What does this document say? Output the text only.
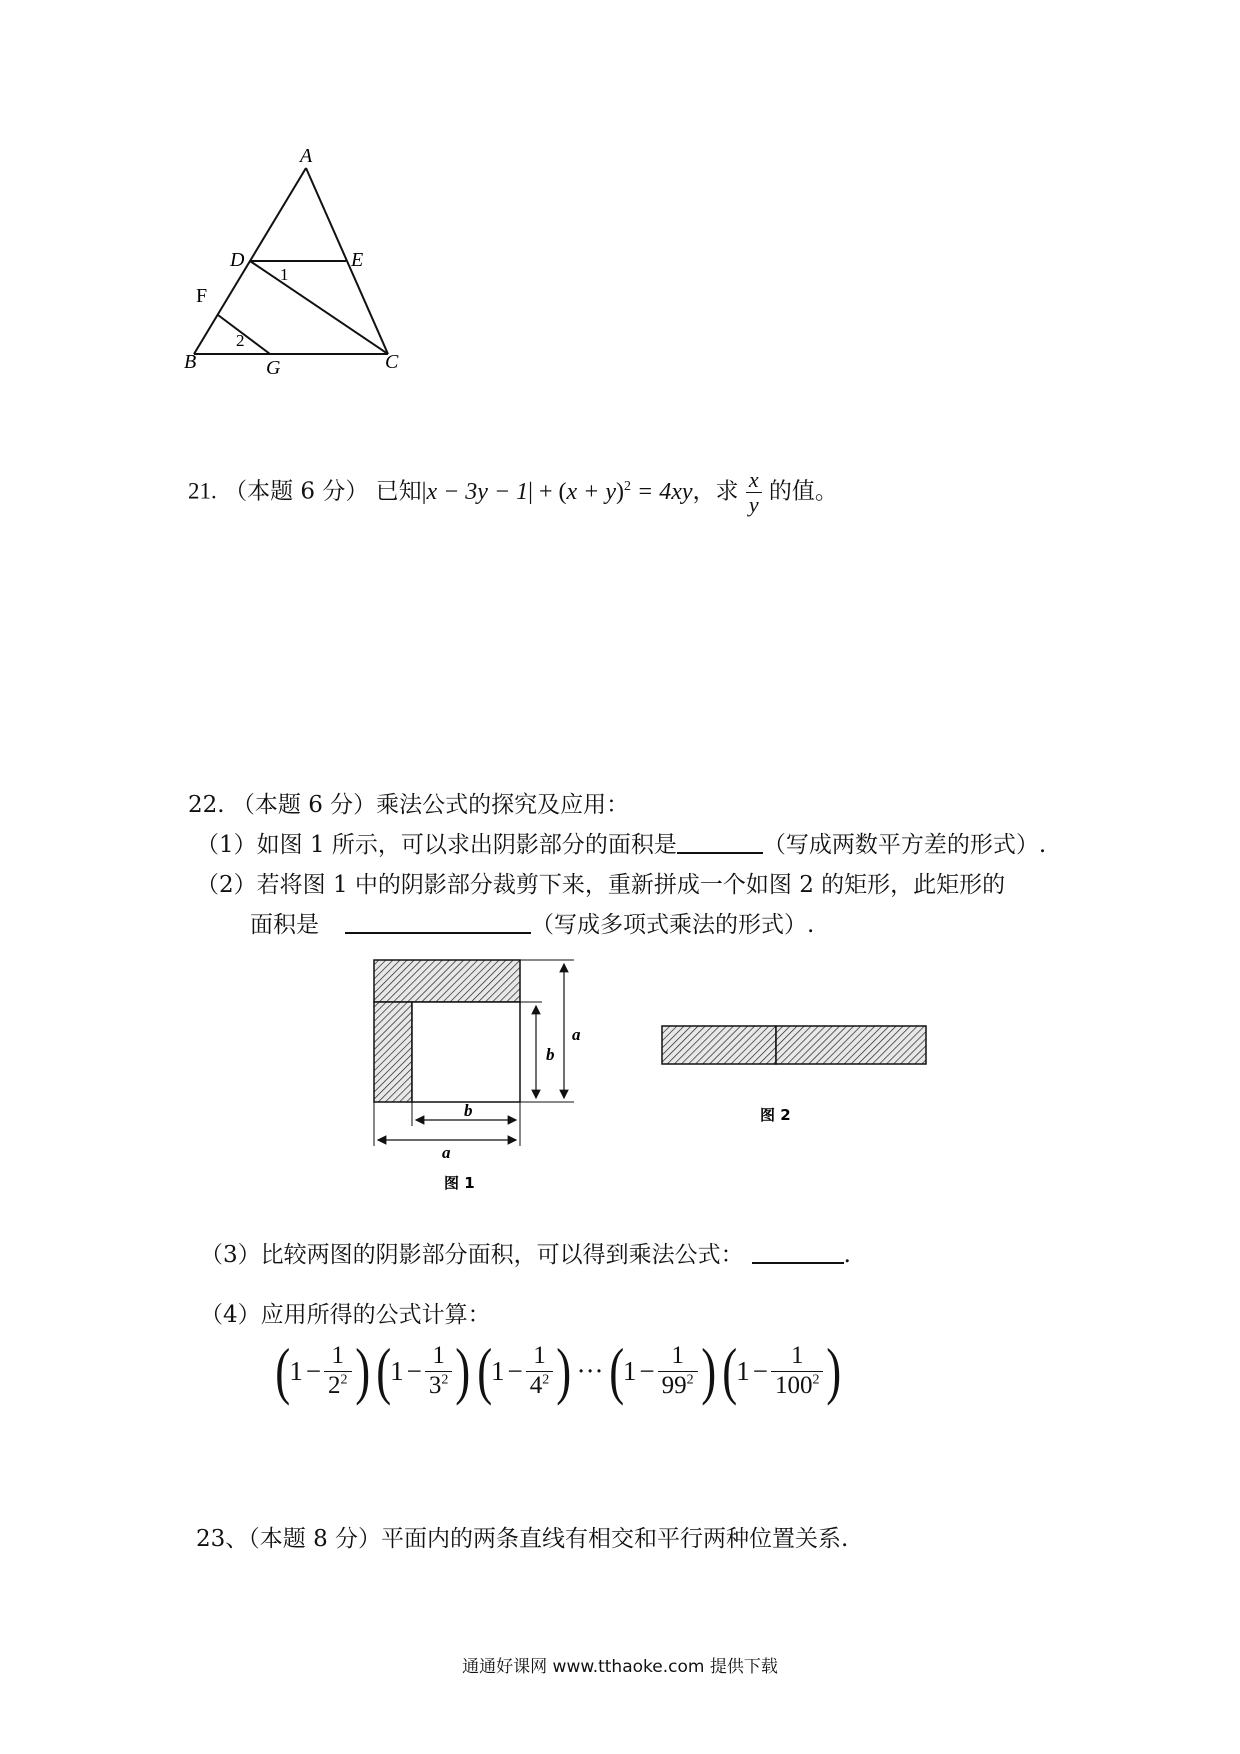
A
D	E
F
B	G	C
1
2
21. （本题 6 分） 已知$|x - 3y - 1| + (x + y)^2 = 4xy$，求 $\frac{x}{y}$ 的值。
22. （本题 6 分）乘法公式的探究及应用：
（1）如图 1 所示，可以求出阴影部分的面积是	（写成两数平方差的形式）.
（2）若将图 1 中的阴影部分裁剪下来，重新拼成一个如图 2 的矩形，此矩形的
面积是	（写成多项式乘法的形式）.
b
a
b
a
图 1
图 2
（3）比较两图的阴影部分面积，可以得到乘法公式：	.
（4）应用所得的公式计算：
( $1 - \frac{1}{2^2}$ ) ( $1 - \frac{1}{3^2}$ ) ( $1 - \frac{1}{4^2}$ ) ··· ( $1 - \frac{1}{99^2}$ ) ( $1 - \frac{1}{100^2}$ )
23、（本题 8 分）平面内的两条直线有相交和平行两种位置关系.
通通好课网 www.tthaoke.com 提供下载
